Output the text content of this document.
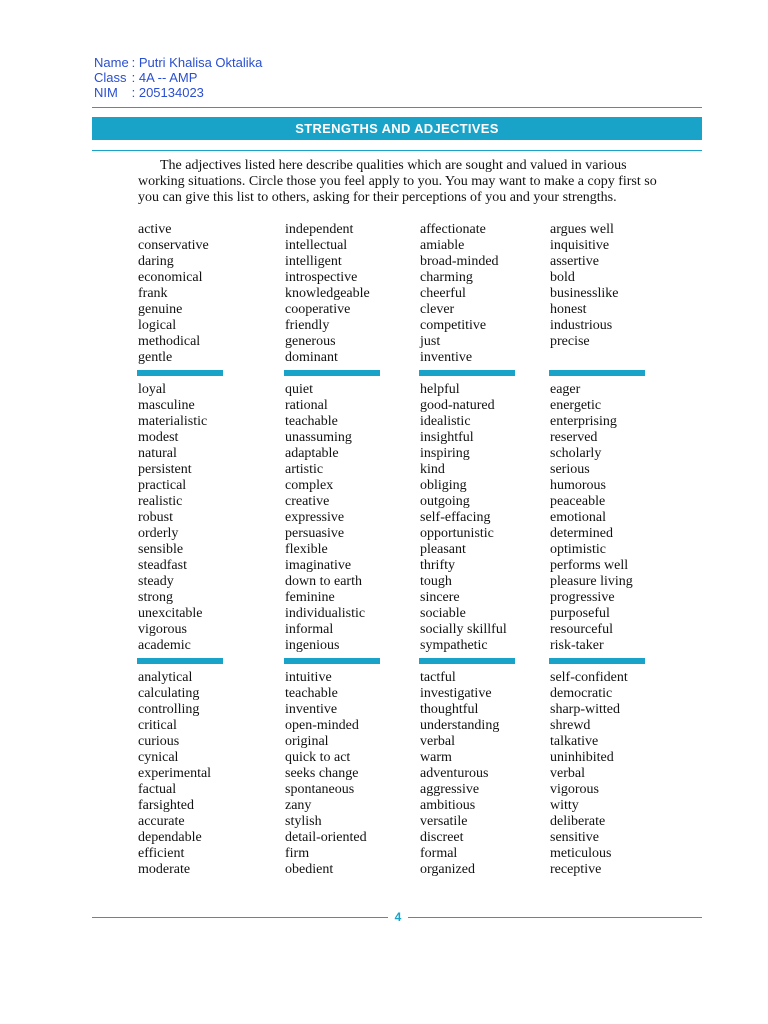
Name : Putri Khalisa Oktalika
Class : 4A -- AMP
NIM : 205134023
STRENGTHS AND ADJECTIVES
The adjectives listed here describe qualities which are sought and valued in various
working situations. Circle those you feel apply to you. You may want to make a copy first so
you can give this list to others, asking for their perceptions of you and your strengths.
active
conservative
daring
economical
frank
genuine
logical
methodical
gentle
independent
intellectual
intelligent
introspective
knowledgeable
cooperative
friendly
generous
dominant
affectionate
amiable
broad-minded
charming
cheerful
clever
competitive
just
inventive
argues well
inquisitive
assertive
bold
businesslike
honest
industrious
precise
loyal
masculine
materialistic
modest
natural
persistent
practical
realistic
robust
orderly
sensible
steadfast
steady
strong
unexcitable
vigorous
academic
quiet
rational
teachable
unassuming
adaptable
artistic
complex
creative
expressive
persuasive
flexible
imaginative
down to earth
feminine
individualistic
informal
ingenious
helpful
good-natured
idealistic
insightful
inspiring
kind
obliging
outgoing
self-effacing
opportunistic
pleasant
thrifty
tough
sincere
sociable
socially skillful
sympathetic
eager
energetic
enterprising
reserved
scholarly
serious
humorous
peaceable
emotional
determined
optimistic
performs well
pleasure living
progressive
purposeful
resourceful
risk-taker
analytical
calculating
controlling
critical
curious
cynical
experimental
factual
farsighted
accurate
dependable
efficient
moderate
intuitive
teachable
inventive
open-minded
original
quick to act
seeks change
spontaneous
zany
stylish
detail-oriented
firm
obedient
tactful
investigative
thoughtful
understanding
verbal
warm
adventurous
aggressive
ambitious
versatile
discreet
formal
organized
self-confident
democratic
sharp-witted
shrewd
talkative
uninhibited
verbal
vigorous
witty
deliberate
sensitive
meticulous
receptive
4
